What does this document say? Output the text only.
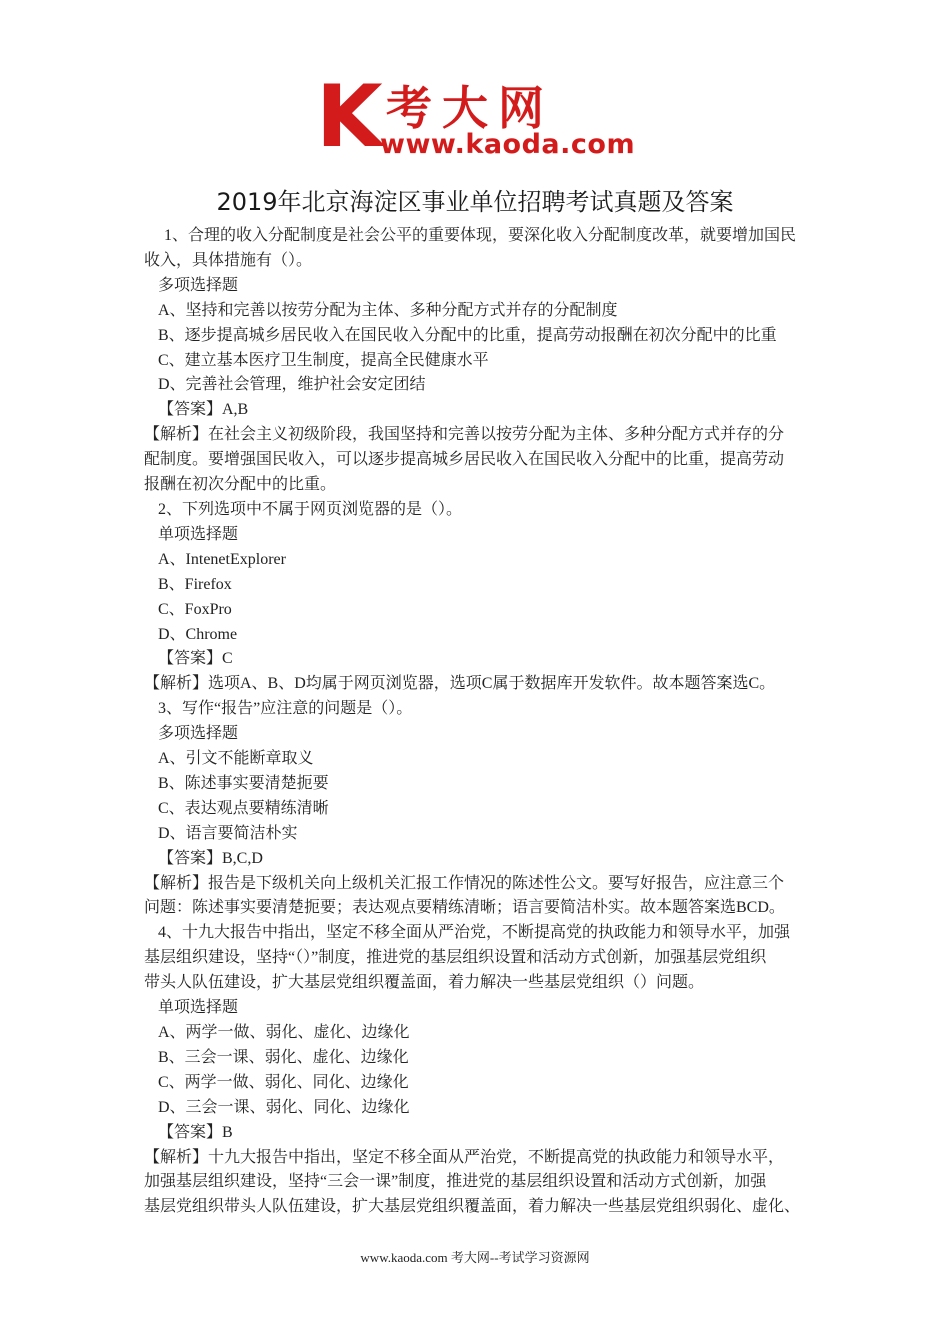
K 考大网
www.kaoda.com
2019年北京海淀区事业单位招聘考试真题及答案

1、合理的收入分配制度是社会公平的重要体现，要深化收入分配制度改革，就要增加国民

收入，具体措施有（）。

多项选择题

A、坚持和完善以按劳分配为主体、多种分配方式并存的分配制度

B、逐步提高城乡居民收入在国民收入分配中的比重，提高劳动报酬在初次分配中的比重

C、建立基本医疗卫生制度，提高全民健康水平

D、完善社会管理，维护社会安定团结

【答案】A,B

【解析】在社会主义初级阶段，我国坚持和完善以按劳分配为主体、多种分配方式并存的分

配制度。要增强国民收入，可以逐步提高城乡居民收入在国民收入分配中的比重，提高劳动

报酬在初次分配中的比重。

2、下列选项中不属于网页浏览器的是（）。

单项选择题

A、IntenetExplorer

B、Firefox

C、FoxPro

D、Chrome

【答案】C

【解析】选项A、B、D均属于网页浏览器，选项C属于数据库开发软件。故本题答案选C。

3、写作“报告”应注意的问题是（）。

多项选择题

A、引文不能断章取义

B、陈述事实要清楚扼要

C、表达观点要精练清晰

D、语言要简洁朴实

【答案】B,C,D

【解析】报告是下级机关向上级机关汇报工作情况的陈述性公文。要写好报告，应注意三个

问题：陈述事实要清楚扼要；表达观点要精练清晰；语言要简洁朴实。故本题答案选BCD。

4、十九大报告中指出，坚定不移全面从严治党，不断提高党的执政能力和领导水平，加强

基层组织建设，坚持“（）”制度，推进党的基层组织设置和活动方式创新，加强基层党组织

带头人队伍建设，扩大基层党组织覆盖面，着力解决一些基层党组织（）问题。

单项选择题

A、两学一做、弱化、虚化、边缘化

B、三会一课、弱化、虚化、边缘化

C、两学一做、弱化、同化、边缘化

D、三会一课、弱化、同化、边缘化

【答案】B

【解析】十九大报告中指出，坚定不移全面从严治党，不断提高党的执政能力和领导水平，

加强基层组织建设，坚持“三会一课”制度，推进党的基层组织设置和活动方式创新，加强

基层党组织带头人队伍建设，扩大基层党组织覆盖面，着力解决一些基层党组织弱化、虚化、

www.kaoda.com 考大网--考试学习资源网
